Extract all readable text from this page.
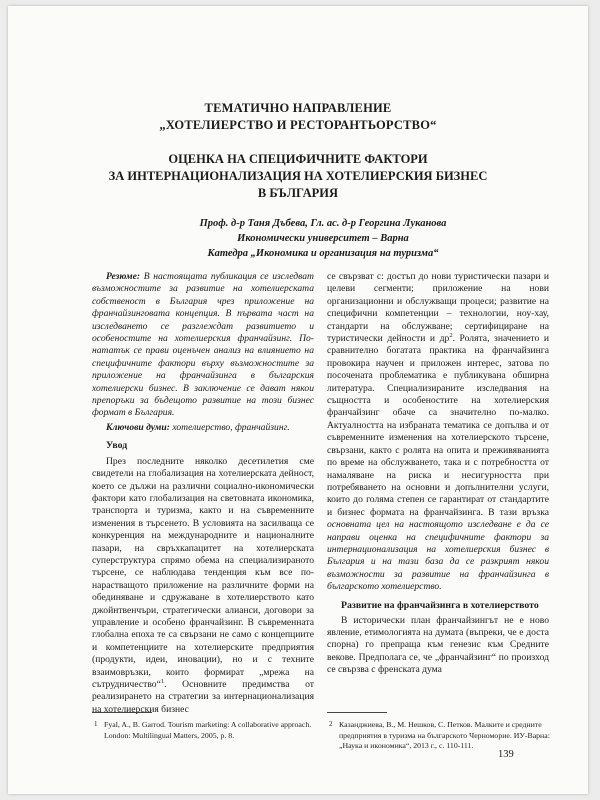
ТЕМАТИЧНО НАПРАВЛЕНИЕ
„ХОТЕЛИЕРСТВО И РЕСТОРАНТЬОРСТВО“
ОЦЕНКА НА СПЕЦИФИЧНИТЕ ФАКТОРИ
ЗА ИНТЕРНАЦИОНАЛИЗАЦИЯ НА ХОТЕЛИЕРСКИЯ БИЗНЕС
В БЪЛГАРИЯ
Проф. д-р Таня Дъбева, Гл. ас. д-р Георгина Луканова
Икономически университет – Варна
Катедра „Икономика и организация на туризма“

Резюме: В настоящата публикация се изследват възможностите за развитие на хотелиерската собственост в България чрез приложение на франчайзинговата концепция. В първата част на изследването се разглеждат развитието и особеностите на хотелиерския франчайзинг. По-нататък се прави оценъчен анализ на влиянието на специфичните фактори върху възможностите за приложение на франчайзинга в българския хотелиерски бизнес. В заключение се дават някои препоръки за бъдещото развитие на този бизнес формат в България.

Ключови думи: хотелиерство, франчайзинг.

Увод

През последните няколко десетилетия сме свидетели на глобализация на хотелиерската дейност, което се дължи на различни социално-икономически фактори като глобализация на световната икономика, транспорта и туризма, както и на съвременните изменения в търсенето. В условията на засилваща се конкуренция на международните и националните пазари, на свръхкапацитет на хотелиерската суперструктура спрямо обема на специализираното търсене, се наблюдава тенденция към все по-нарастващото приложение на различните форми на обединяване и сдружаване в хотелиерството като джойнтвенчъри, стратегически алианси, договори за управление и особено франчайзинг. В съвременната глобална епоха те са свързани не само с концепциите и компетенциите на хотелиерските предприятия (продукти, идеи, иновации), но и с техните взаимовръзки, които формират „мрежа на сътрудничество“$^1$. Основните предимства от реализирането на стратегии за интернационализация на хотелиерския бизнес

се свързват с: достъп до нови туристически пазари и целеви сегменти; приложение на нови организационни и обслужващи процеси; развитие на специфични компетенции – технологии, ноу-хау, стандарти на обслужване; сертифициране на туристически дейности и $др^2$. Ролята, значението и сравнително богатата практика на франчайзинга провокира научен и приложен интерес, затова по посочената проблематика е публикувана обширна литература. Специализираните изследвания на същността и особеностите на хотелиерския франчайзинг обаче са значително по-малко. Актуалността на избраната тематика се допълва и от съвременните изменения на хотелиерското търсене, свързани, както с ролята на опита и преживяванията по време на обслужването, така и с потребността от намаляване на риска и несигурността при потребяването на основни и допълнителни услуги, които до голяма степен се гарантират от стандартите и бизнес формата на франчайзинга. В тази връзка основната цел на настоящото изследване е да се направи оценка на специфичните фактори за интернационализация на хотелиерския бизнес в България и на тази база да се разкрият някои възможности за развитие на франчайзинга в българското хотелиерство.

Развитие на франчайзинга в хотелиерството

В исторически план франчайзингът не е ново явление, етимологията на думата (въпреки, че е доста спорна) го препраща към генезис към Средните векове. Предполага се, че „франчайзинг“ по произход се свързва с френската дума

1 Fyal, A., B. Garrod. Tourism marketing: A collaborative approach. London: Multilingual Matters, 2005, p. 8.
2 Казанджиева, В., М. Нешков, С. Петков. Малките и средните предприятия в туризма на българското Черноморие. ИУ-Варна: „Наука и икономика“, 2013 г., с. 110-111.
139
